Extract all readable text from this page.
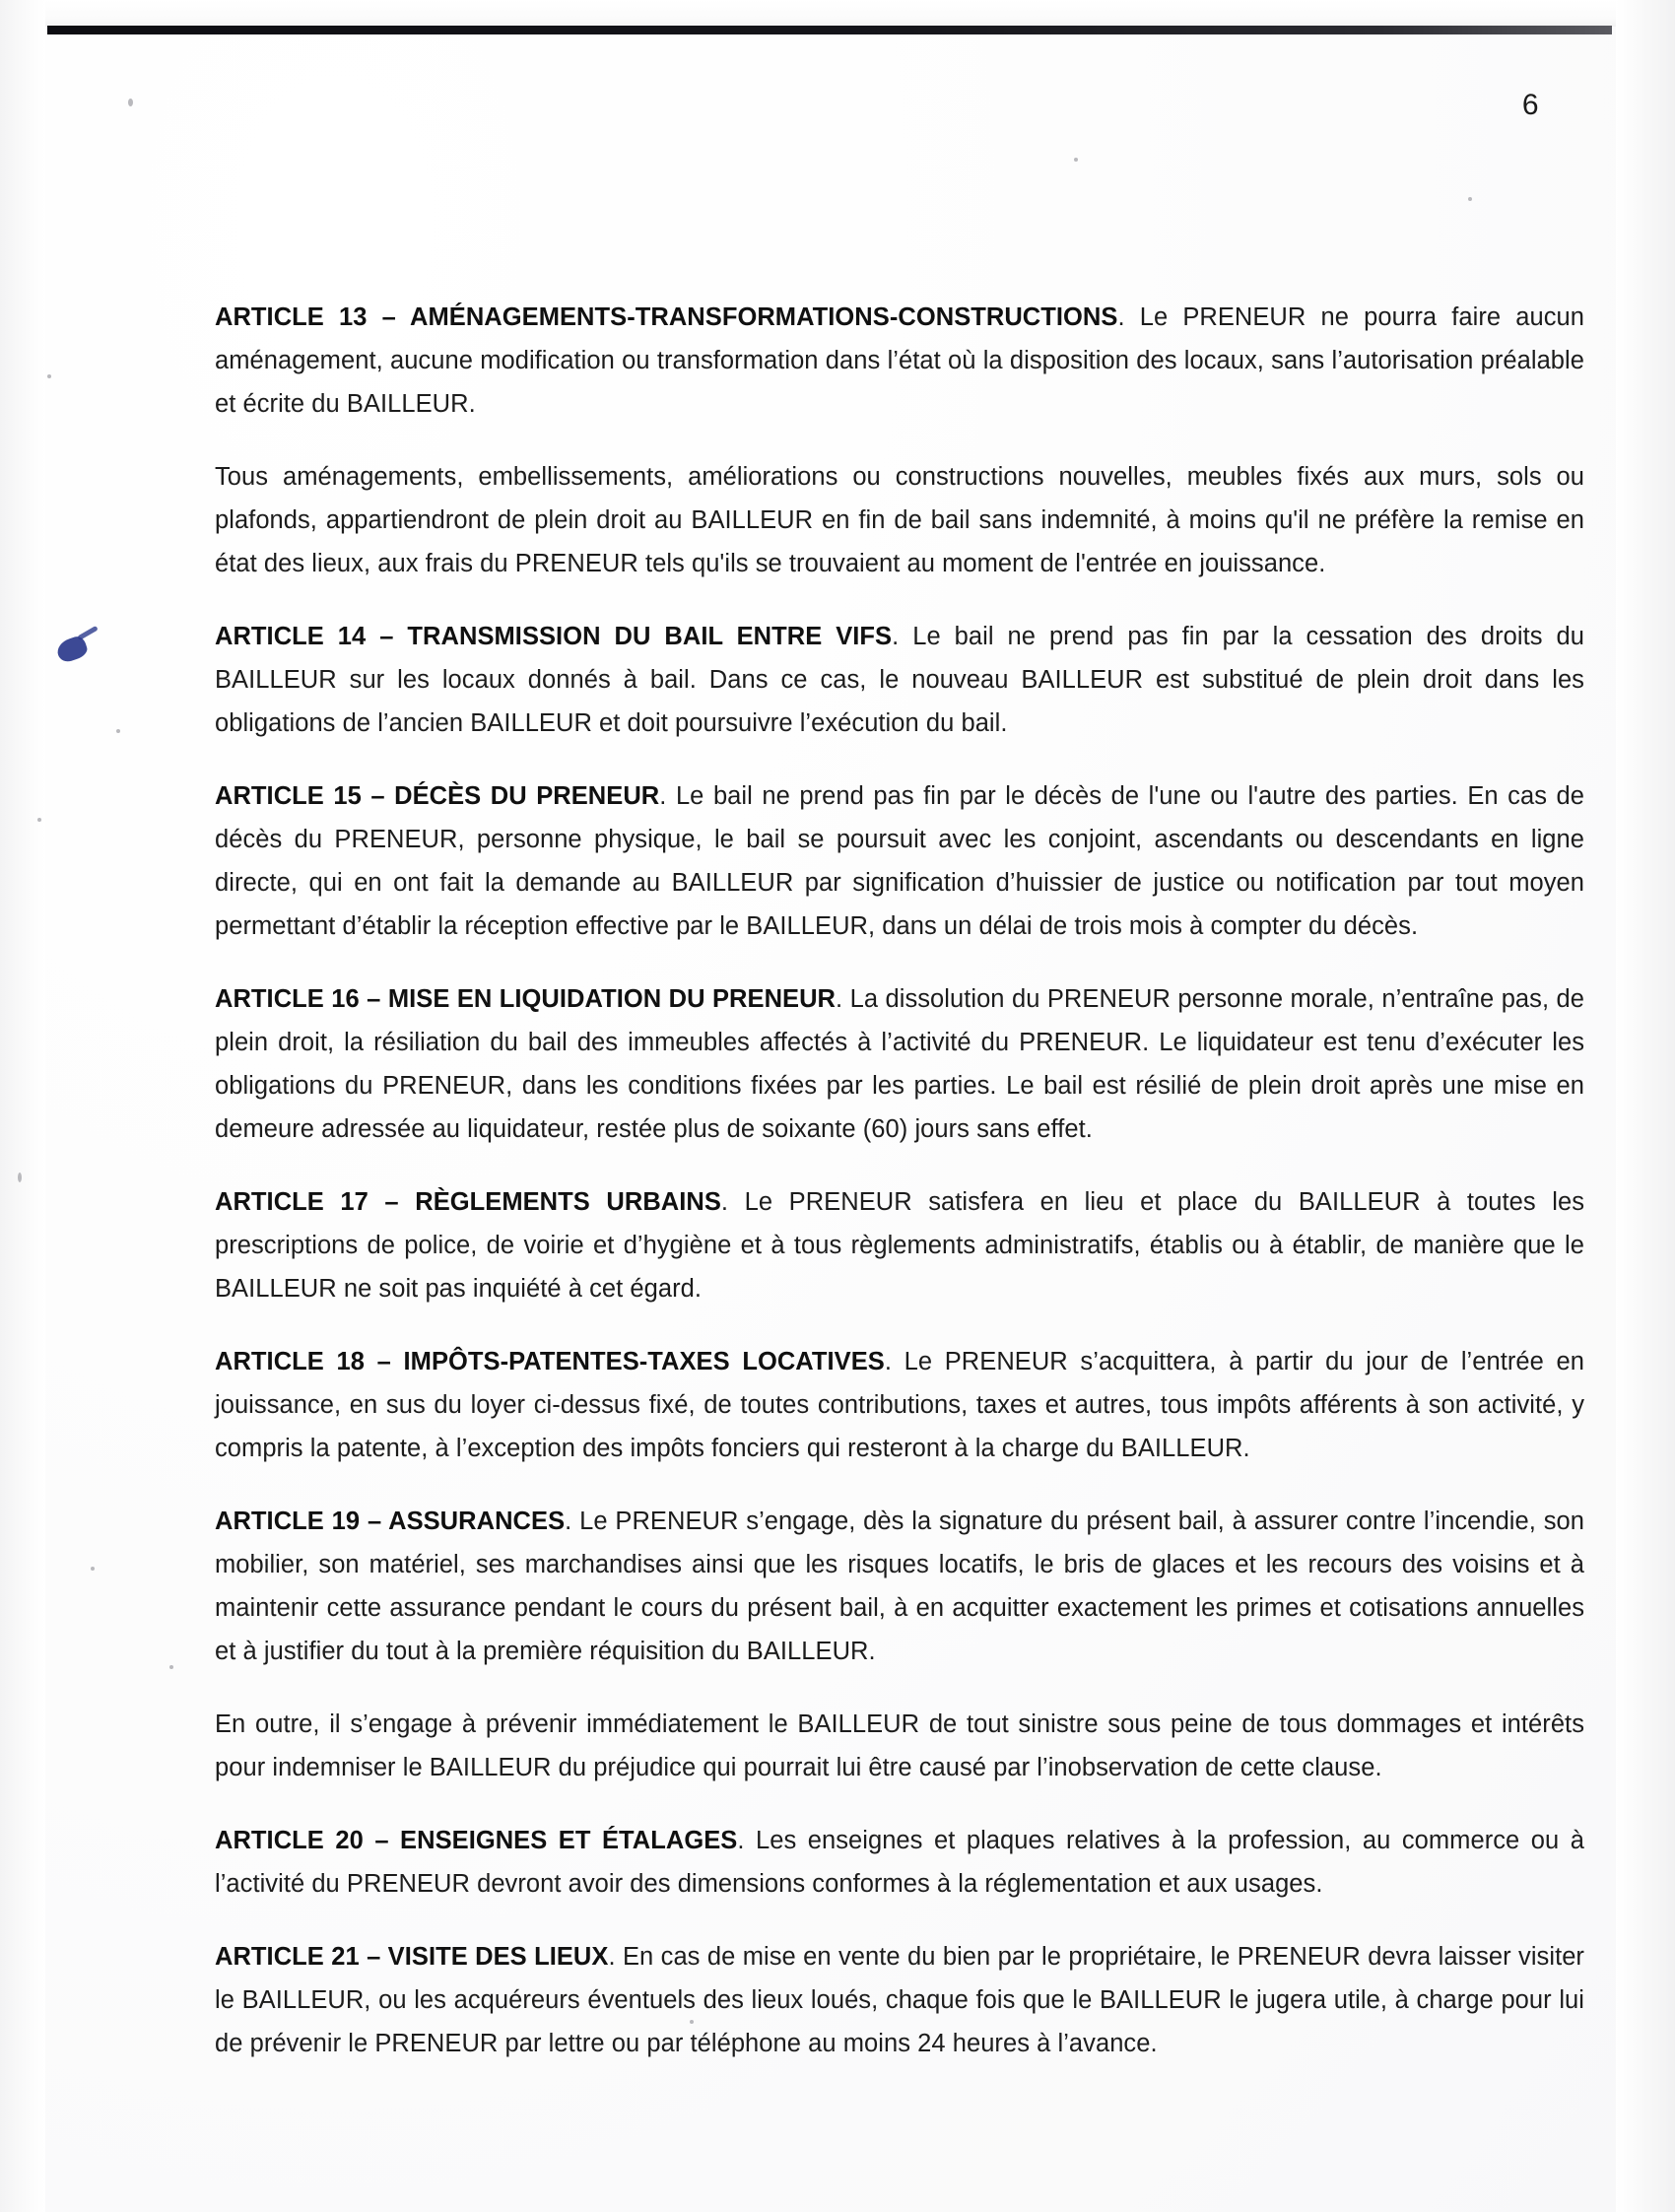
6

ARTICLE 13 – AMÉNAGEMENTS-TRANSFORMATIONS-CONSTRUCTIONS. Le PRENEUR ne pourra faire aucun aménagement, aucune modification ou transformation dans l’état où la disposition des locaux, sans l’autorisation préalable et écrite du BAILLEUR.

Tous aménagements, embellissements, améliorations ou constructions nouvelles, meubles fixés aux murs, sols ou plafonds, appartiendront de plein droit au BAILLEUR en fin de bail sans indemnité, à moins qu'il ne préfère la remise en état des lieux, aux frais du PRENEUR tels qu'ils se trouvaient au moment de l'entrée en jouissance.

ARTICLE 14 – TRANSMISSION DU BAIL ENTRE VIFS. Le bail ne prend pas fin par la cessation des droits du BAILLEUR sur les locaux donnés à bail. Dans ce cas, le nouveau BAILLEUR est substitué de plein droit dans les obligations de l’ancien BAILLEUR et doit poursuivre l’exécution du bail.

ARTICLE 15 – DÉCÈS DU PRENEUR. Le bail ne prend pas fin par le décès de l'une ou l'autre des parties. En cas de décès du PRENEUR, personne physique, le bail se poursuit avec les conjoint, ascendants ou descendants en ligne directe, qui en ont fait la demande au BAILLEUR par signification d’huissier de justice ou notification par tout moyen permettant d’établir la réception effective par le BAILLEUR, dans un délai de trois mois à compter du décès.

ARTICLE 16 – MISE EN LIQUIDATION DU PRENEUR. La dissolution du PRENEUR personne morale, n’entraîne pas, de plein droit, la résiliation du bail des immeubles affectés à l’activité du PRENEUR. Le liquidateur est tenu d’exécuter les obligations du PRENEUR, dans les conditions fixées par les parties. Le bail est résilié de plein droit après une mise en demeure adressée au liquidateur, restée plus de soixante (60) jours sans effet.

ARTICLE 17 – RÈGLEMENTS URBAINS. Le PRENEUR satisfera en lieu et place du BAILLEUR à toutes les prescriptions de police, de voirie et d’hygiène et à tous règlements administratifs, établis ou à établir, de manière que le BAILLEUR ne soit pas inquiété à cet égard.

ARTICLE 18 – IMPÔTS-PATENTES-TAXES LOCATIVES. Le PRENEUR s’acquittera, à partir du jour de l’entrée en jouissance, en sus du loyer ci-dessus fixé, de toutes contributions, taxes et autres, tous impôts afférents à son activité, y compris la patente, à l’exception des impôts fonciers qui resteront à la charge du BAILLEUR.

ARTICLE 19 – ASSURANCES. Le PRENEUR s’engage, dès la signature du présent bail, à assurer contre l’incendie, son mobilier, son matériel, ses marchandises ainsi que les risques locatifs, le bris de glaces et les recours des voisins et à maintenir cette assurance pendant le cours du présent bail, à en acquitter exactement les primes et cotisations annuelles et à justifier du tout à la première réquisition du BAILLEUR.

En outre, il s’engage à prévenir immédiatement le BAILLEUR de tout sinistre sous peine de tous dommages et intérêts pour indemniser le BAILLEUR du préjudice qui pourrait lui être causé par l’inobservation de cette clause.

ARTICLE 20 – ENSEIGNES ET ÉTALAGES. Les enseignes et plaques relatives à la profession, au commerce ou à l’activité du PRENEUR devront avoir des dimensions conformes à la réglementation et aux usages.

ARTICLE 21 – VISITE DES LIEUX. En cas de mise en vente du bien par le propriétaire, le PRENEUR devra laisser visiter le BAILLEUR, ou les acquéreurs éventuels des lieux loués, chaque fois que le BAILLEUR le jugera utile, à charge pour lui de prévenir le PRENEUR par lettre ou par téléphone au moins 24 heures à l’avance.
